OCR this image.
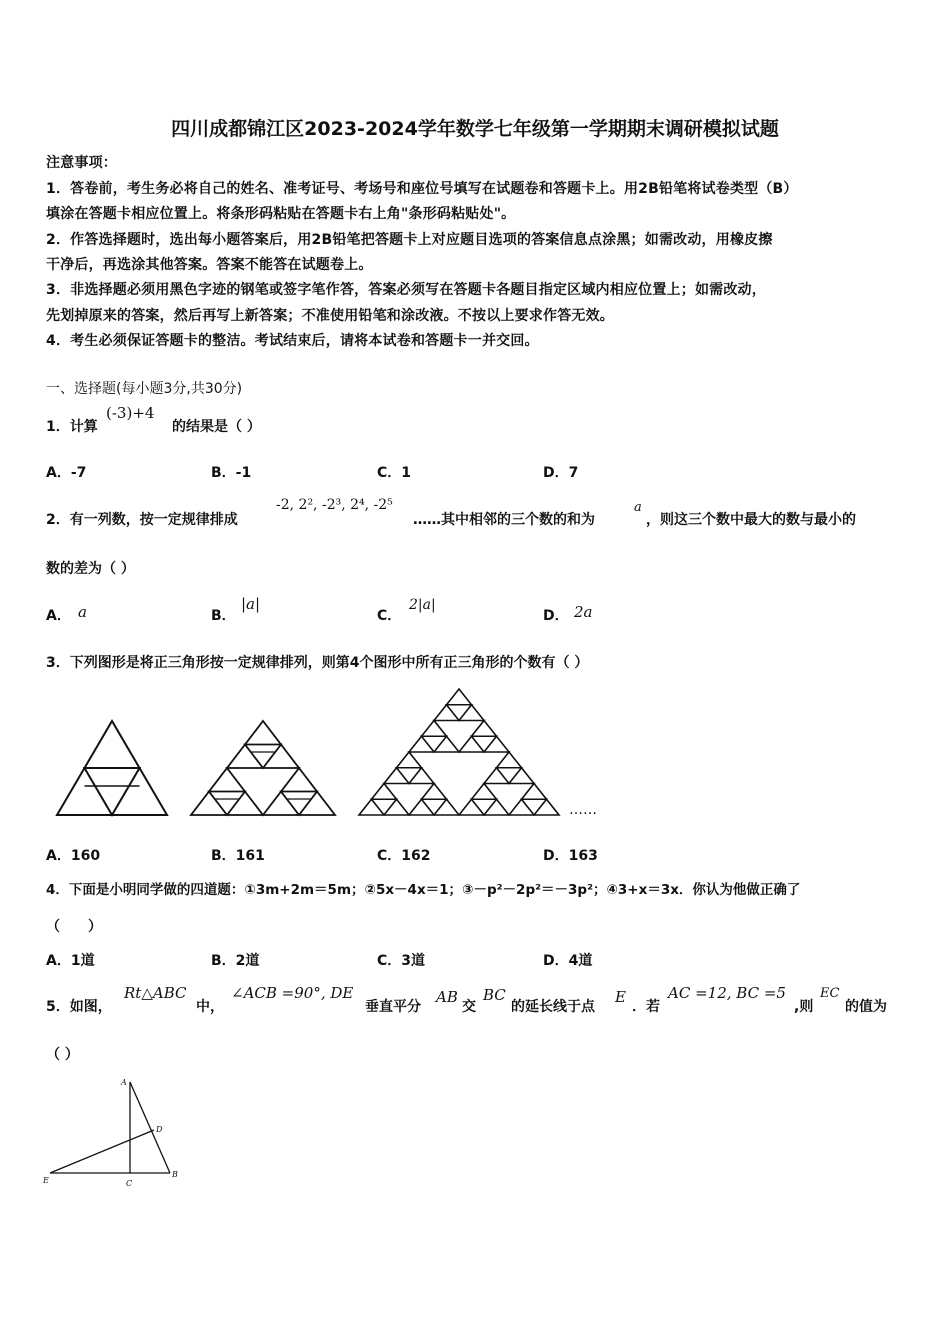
四川成都锦江区2023-2024学年数学七年级第一学期期末调研模拟试题
注意事项：
1．答卷前，考生务必将自己的姓名、准考证号、考场号和座位号填写在试题卷和答题卡上。用2B铅笔将试卷类型（B）
填涂在答题卡相应位置上。将条形码粘贴在答题卡右上角"条形码粘贴处"。
2．作答选择题时，选出每小题答案后，用2B铅笔把答题卡上对应题目选项的答案信息点涂黑；如需改动，用橡皮擦
干净后，再选涂其他答案。答案不能答在试题卷上。
3．非选择题必须用黑色字迹的钢笔或签字笔作答，答案必须写在答题卡各题目指定区域内相应位置上；如需改动，
先划掉原来的答案，然后再写上新答案；不准使用铅笔和涂改液。不按以上要求作答无效。
4．考生必须保证答题卡的整洁。考试结束后，请将本试卷和答题卡一并交回。
一、选择题(每小题3分,共30分)
1．计算
(-3)+4
的结果是（ ）
A．-7	B．-1	C．1	D．7
2．有一列数，按一定规律排成
-2, 2², -2³, 2⁴, -2⁵
……其中相邻的三个数的和为
a
，则这三个数中最大的数与最小的
数的差为（ ）
A． a	B．
|a|
C．
2|a|
D． 2a
3．下列图形是将正三角形按一定规律排列，则第4个图形中所有正三角形的个数有（ ）
……
A．160	B．161	C．162	D．163
4．下面是小明同学做的四道题：①3m+2m＝5m；②5x－4x＝1；③－p²－2p²＝－3p²；④3+x＝3x．你认为他做正确了
（　　）
A．1道	B．2道	C．3道	D．4道
5．如图，
Rt△ABC
中，
∠ACB =90°, DE
垂直平分
AB
交
BC
的延长线于点
E
．若
AC =12, BC =5
,则
EC
的值为
（ ）
A
D
E	C
B
